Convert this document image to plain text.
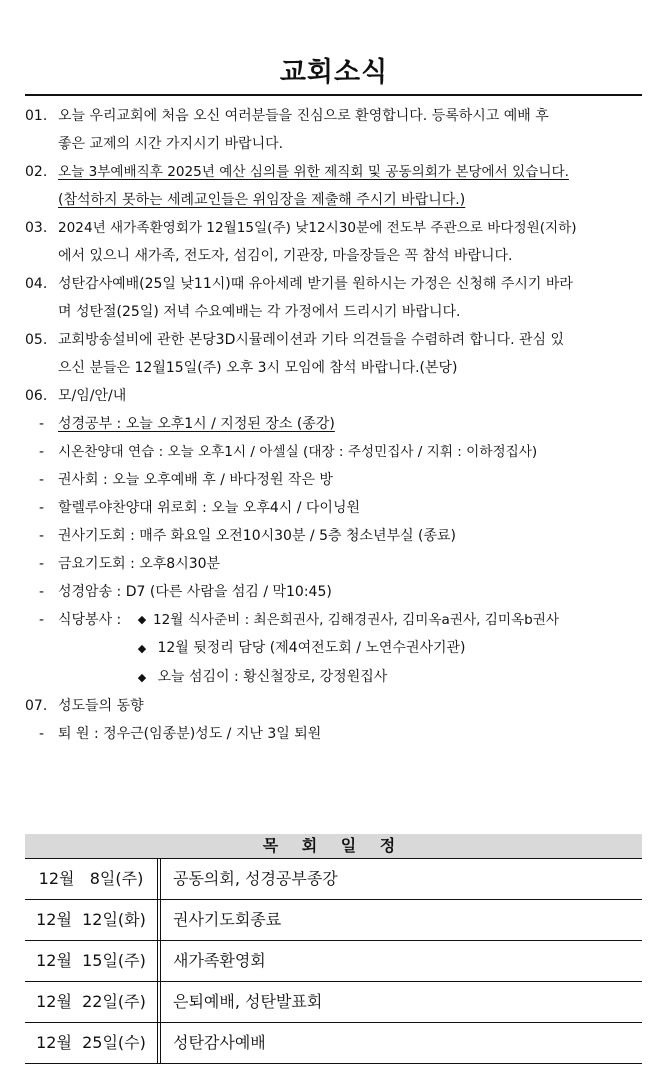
교회소식
01. 오늘 우리교회에 처음 오신 여러분들을 진심으로 환영합니다. 등록하시고 예배 후
좋은 교제의 시간 가지시기 바랍니다.
02. 오늘 3부예배직후 2025년 예산 심의를 위한 제직회 및 공동의회가 본당에서 있습니다.
(참석하지 못하는 세례교인들은 위임장을 제출해 주시기 바랍니다.)
03. 2024년 새가족환영회가 12월15일(주) 낮12시30분에 전도부 주관으로 바다정원(지하)
에서 있으니 새가족, 전도자, 섬김이, 기관장, 마을장들은 꼭 참석 바랍니다.
04. 성탄감사예배(25일 낮11시)때 유아세례 받기를 원하시는 가정은 신청해 주시기 바라
며 성탄절(25일) 저녁 수요예배는 각 가정에서 드리시기 바랍니다.
05. 교회방송설비에 관한 본당3D시뮬레이션과 기타 의견들을 수렴하려 합니다. 관심 있
으신 분들은 12월15일(주) 오후 3시 모임에 참석 바랍니다.(본당)
06. 모/임/안/내
- 성경공부 : 오늘 오후1시 / 지정된 장소 (종강)
-	시온찬양대 연습 : 오늘 오후1시 / 아셀실 (대장 : 주성민집사 / 지휘 : 이하정집사)
- 권사회 : 오늘 오후예배 후 / 바다정원 작은 방
- 할렐루야찬양대 위로회 : 오늘 오후4시 / 다이닝원
- 권사기도회 : 매주 화요일 오전10시30분 / 5층 청소년부실 (종료)
- 금요기도회 : 오후8시30분
- 성경암송 : D7 (다른 사람을 섬김 / 막10:45)
- 식당봉사 :	◆ 12월 식사준비 : 최은희권사, 김해경권사, 김미옥a권사, 김미옥b권사
◆ 12월 뒷정리 담당 (제4여전도회 / 노연수권사기관)
◆ 오늘 섬김이 : 황신철장로, 강정원집사
07. 성도들의 동향
- 퇴 원 : 정우근(임종분)성도 / 지난 3일 퇴원
목 회 일 정
12월   8일(주)	공동의회, 성경공부종강
12월  12일(화)	권사기도회종료
12월  15일(주)	새가족환영회
12월  22일(주)	은퇴예배, 성탄발표회
12월  25일(수)	성탄감사예배
